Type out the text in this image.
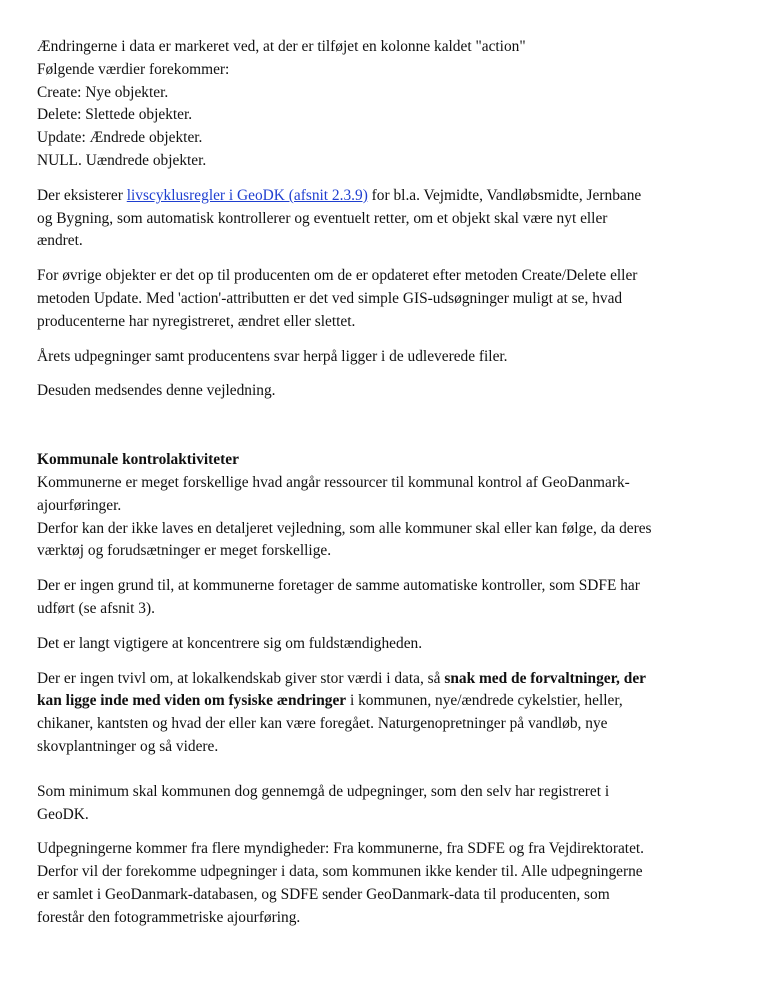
Ændringerne i data er markeret ved, at der er tilføjet en kolonne kaldet "action"
Følgende værdier forekommer:
Create: Nye objekter.
Delete: Slettede objekter.
Update: Ændrede objekter.
NULL. Uændrede objekter.
Der eksisterer livscyklusregler i GeoDK (afsnit 2.3.9) for bl.a. Vejmidte, Vandløbsmidte, Jernbane
og Bygning, som automatisk kontrollerer og eventuelt retter, om et objekt skal være nyt eller
ændret.
For øvrige objekter er det op til producenten om de er opdateret efter metoden Create/Delete eller
metoden Update. Med 'action'-attributten er det ved simple GIS-udsøgninger muligt at se, hvad
producenterne har nyregistreret, ændret eller slettet.
Årets udpegninger samt producentens svar herpå ligger i de udleverede filer.
Desuden medsendes denne vejledning.
Kommunale kontrolaktiviteter
Kommunerne er meget forskellige hvad angår ressourcer til kommunal kontrol af GeoDanmark-
ajourføringer.
Derfor kan der ikke laves en detaljeret vejledning, som alle kommuner skal eller kan følge, da deres
værktøj og forudsætninger er meget forskellige.
Der er ingen grund til, at kommunerne foretager de samme automatiske kontroller, som SDFE har
udført (se afsnit 3).
Det er langt vigtigere at koncentrere sig om fuldstændigheden.
Der er ingen tvivl om, at lokalkendskab giver stor værdi i data, så snak med de forvaltninger, der
kan ligge inde med viden om fysiske ændringer i kommunen, nye/ændrede cykelstier, heller,
chikaner, kantsten og hvad der eller kan være foregået. Naturgenopretninger på vandløb, nye
skovplantninger og så videre.
Som minimum skal kommunen dog gennemgå de udpegninger, som den selv har registreret i
GeoDK.
Udpegningerne kommer fra flere myndigheder: Fra kommunerne, fra SDFE og fra Vejdirektoratet.
Derfor vil der forekomme udpegninger i data, som kommunen ikke kender til. Alle udpegningerne
er samlet i GeoDanmark-databasen, og SDFE sender GeoDanmark-data til producenten, som
forestår den fotogrammetriske ajourføring.
